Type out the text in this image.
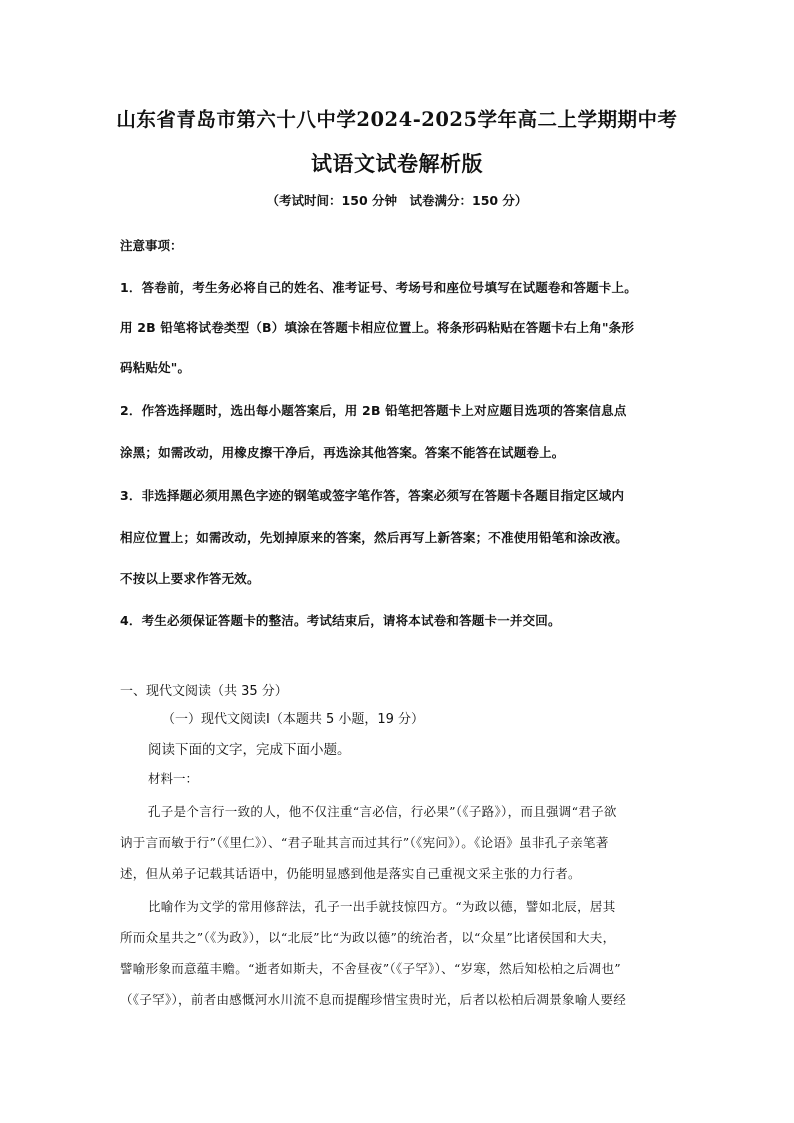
山东省青岛市第六十八中学2024-2025学年高二上学期期中考
试语文试卷解析版
（考试时间：150 分钟　试卷满分：150 分）
注意事项：
1．答卷前，考生务必将自己的姓名、准考证号、考场号和座位号填写在试题卷和答题卡上。
用 2B 铅笔将试卷类型（B）填涂在答题卡相应位置上。将条形码粘贴在答题卡右上角"条形
码粘贴处"。
2．作答选择题时，选出每小题答案后，用 2B 铅笔把答题卡上对应题目选项的答案信息点
涂黑；如需改动，用橡皮擦干净后，再选涂其他答案。答案不能答在试题卷上。
3．非选择题必须用黑色字迹的钢笔或签字笔作答，答案必须写在答题卡各题目指定区域内
相应位置上；如需改动，先划掉原来的答案，然后再写上新答案；不准使用铅笔和涂改液。
不按以上要求作答无效。
4．考生必须保证答题卡的整洁。考试结束后，请将本试卷和答题卡一并交回。
一、现代文阅读（共 35 分）
（一）现代文阅读Ⅰ（本题共 5 小题，19 分）
阅读下面的文字，完成下面小题。
材料一：
孔子是个言行一致的人，他不仅注重“言必信，行必果”（《子路》），而且强调“君子欲
讷于言而敏于行”（《里仁》）、“君子耻其言而过其行”（《宪问》）。《论语》虽非孔子亲笔著
述，但从弟子记载其话语中，仍能明显感到他是落实自己重视文采主张的力行者。
比喻作为文学的常用修辞法，孔子一出手就技惊四方。“为政以德，譬如北辰，居其
所而众星共之”（《为政》），以“北辰”比“为政以德”的统治者，以“众星”比诸侯国和大夫，
譬喻形象而意蕴丰赡。“逝者如斯夫，不舍昼夜”（《子罕》）、“岁寒，然后知松柏之后凋也”
（《子罕》），前者由感慨河水川流不息而提醒珍惜宝贵时光，后者以松柏后凋景象喻人要经
